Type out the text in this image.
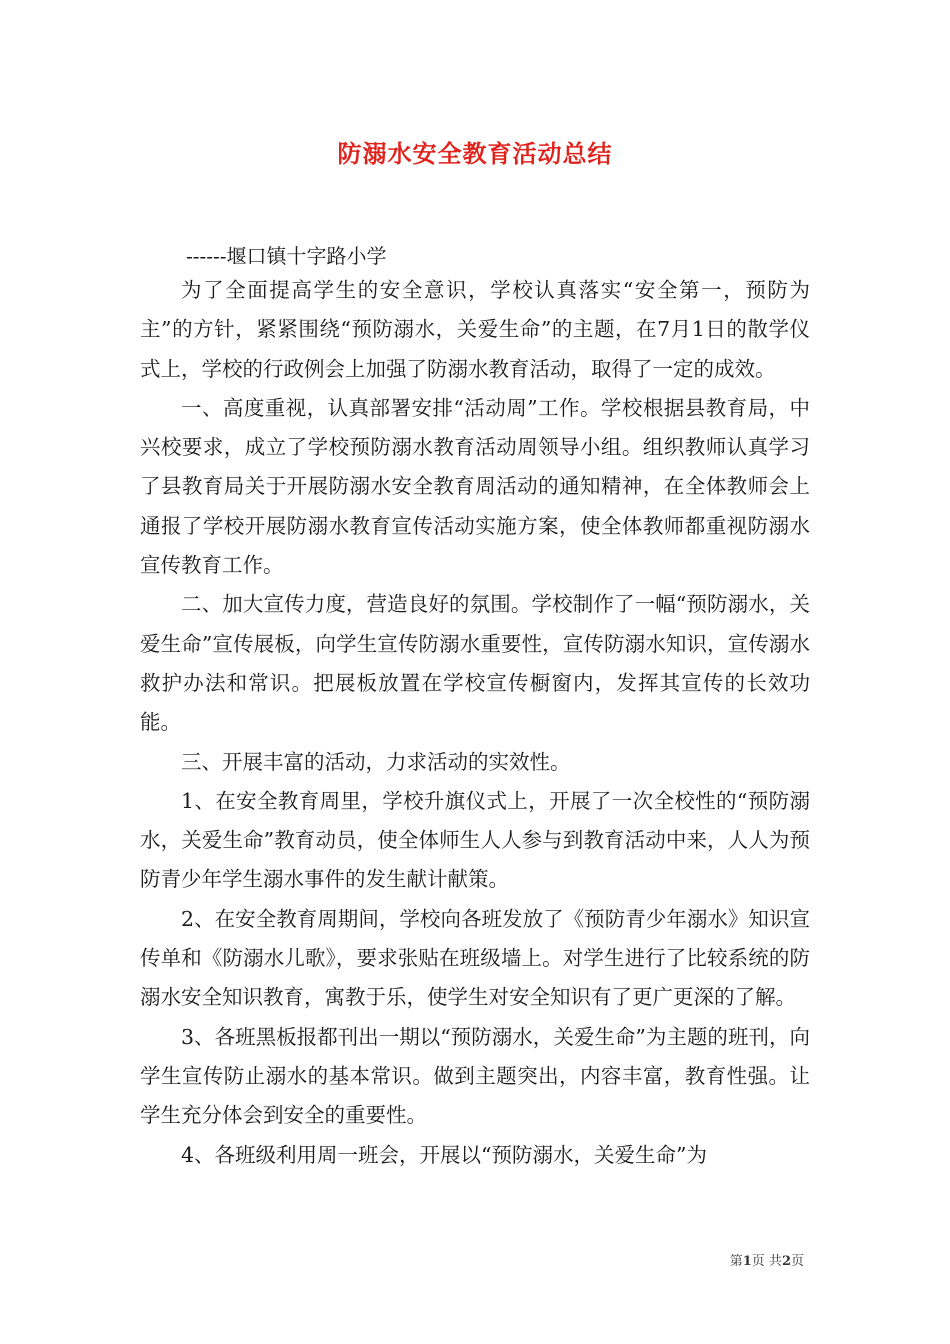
防溺水安全教育活动总结
------堰口镇十字路小学

为了全面提高学生的安全意识，学校认真落实“安全第一，预防为主”的方针，紧紧围绕“预防溺水，关爱生命”的主题，在7月1日的散学仪式上，学校的行政例会上加强了防溺水教育活动，取得了一定的成效。

一、高度重视，认真部署安排“活动周”工作。学校根据县教育局，中兴校要求，成立了学校预防溺水教育活动周领导小组。组织教师认真学习了县教育局关于开展防溺水安全教育周活动的通知精神，在全体教师会上通报了学校开展防溺水教育宣传活动实施方案，使全体教师都重视防溺水宣传教育工作。

二、加大宣传力度，营造良好的氛围。学校制作了一幅“预防溺水，关爱生命”宣传展板，向学生宣传防溺水重要性，宣传防溺水知识，宣传溺水救护办法和常识。把展板放置在学校宣传橱窗内，发挥其宣传的长效功能。

三、开展丰富的活动，力求活动的实效性。

1、在安全教育周里，学校升旗仪式上，开展了一次全校性的“预防溺水，关爱生命”教育动员，使全体师生人人参与到教育活动中来，人人为预防青少年学生溺水事件的发生献计献策。

2、在安全教育周期间，学校向各班发放了《预防青少年溺水》知识宣传单和《防溺水儿歌》，要求张贴在班级墙上。对学生进行了比较系统的防溺水安全知识教育，寓教于乐，使学生对安全知识有了更广更深的了解。

3、各班黑板报都刊出一期以“预防溺水，关爱生命”为主题的班刊，向学生宣传防止溺水的基本常识。做到主题突出，内容丰富，教育性强。让学生充分体会到安全的重要性。

4、各班级利用周一班会，开展以“预防溺水，关爱生命”为

第1页 共2页
